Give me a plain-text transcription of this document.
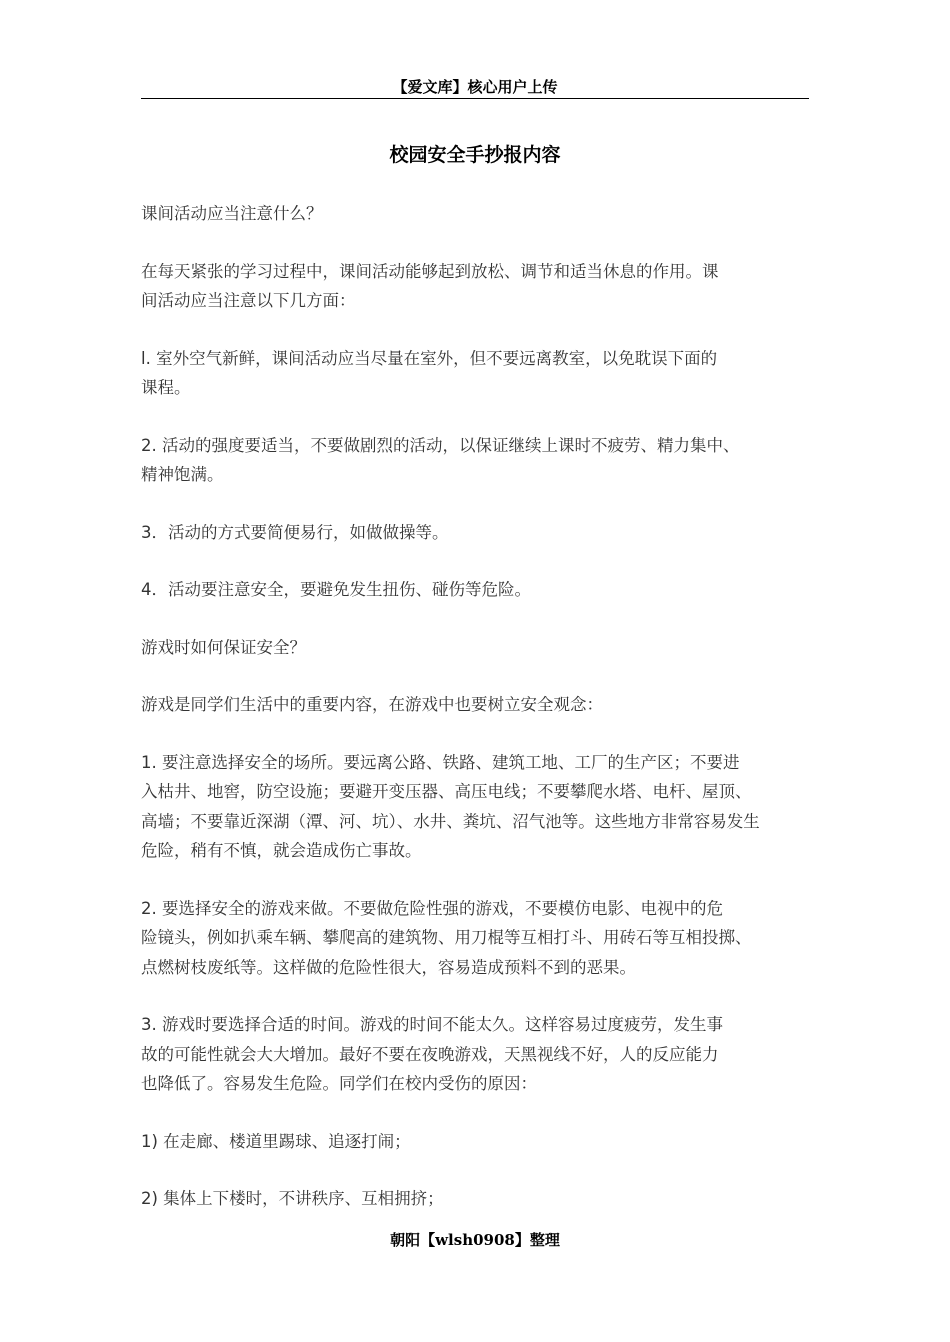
【爱文库】核心用户上传
校园安全手抄报内容

课间活动应当注意什么？

在每天紧张的学习过程中，课间活动能够起到放松、调节和适当休息的作用。课
间活动应当注意以下几方面：

l. 室外空气新鲜，课间活动应当尽量在室外，但不要远离教室，以免耽误下面的
课程。

2. 活动的强度要适当，不要做剧烈的活动，以保证继续上课时不疲劳、精力集中、
精神饱满。

3．活动的方式要简便易行，如做做操等。

4．活动要注意安全，要避免发生扭伤、碰伤等危险。

游戏时如何保证安全？

游戏是同学们生活中的重要内容，在游戏中也要树立安全观念：

1. 要注意选择安全的场所。要远离公路、铁路、建筑工地、工厂的生产区；不要进
入枯井、地窖，防空设施；要避开变压器、高压电线；不要攀爬水塔、电杆、屋顶、
高墙；不要靠近深湖（潭、河、坑）、水井、粪坑、沼气池等。这些地方非常容易发生
危险，稍有不慎，就会造成伤亡事故。

2. 要选择安全的游戏来做。不要做危险性强的游戏，不要模仿电影、电视中的危
险镜头，例如扒乘车辆、攀爬高的建筑物、用刀棍等互相打斗、用砖石等互相投掷、
点燃树枝废纸等。这样做的危险性很大，容易造成预料不到的恶果。

3. 游戏时要选择合适的时间。游戏的时间不能太久。这样容易过度疲劳，发生事
故的可能性就会大大增加。最好不要在夜晚游戏，天黑视线不好，人的反应能力
也降低了。容易发生危险。同学们在校内受伤的原因：

1) 在走廊、楼道里踢球、追逐打闹；

2) 集体上下楼时，不讲秩序、互相拥挤；

朝阳【wlsh0908】整理
